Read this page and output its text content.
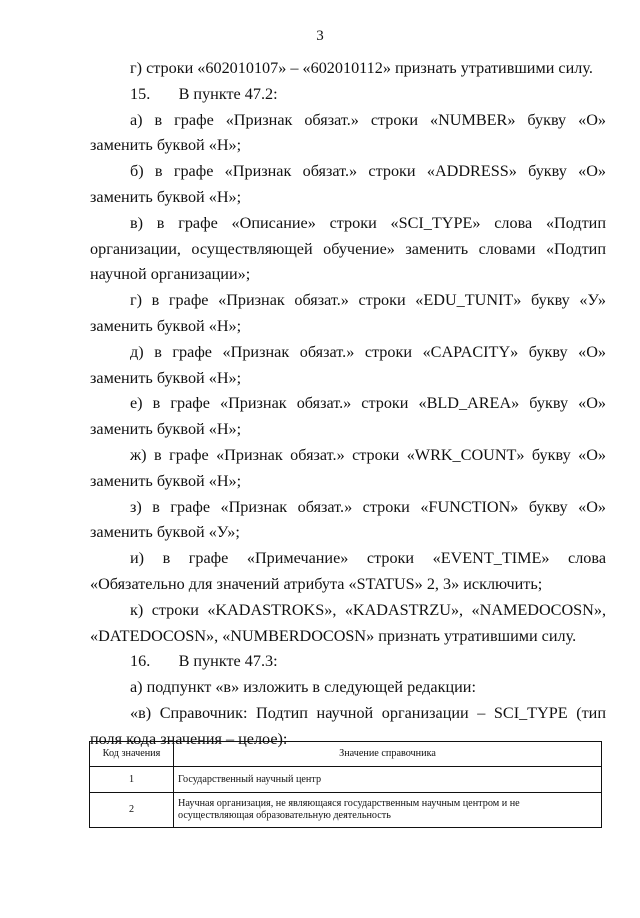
3

г) строки «602010107» – «602010112» признать утратившими силу.

15.       В пункте 47.2:

а) в графе «Признак обязат.» строки «NUMBER» букву «О» заменить буквой «Н»;

б) в графе «Признак обязат.» строки «ADDRESS» букву «О» заменить буквой «Н»;

в) в графе «Описание» строки «SCI_TYPE» слова «Подтип организации, осуществляющей обучение» заменить словами «Подтип научной организации»;

г) в графе «Признак обязат.» строки «EDU_TUNIT» букву «У» заменить буквой «Н»;

д) в графе «Признак обязат.» строки «CAPACITY» букву «О» заменить буквой «Н»;

е) в графе «Признак обязат.» строки «BLD_AREA» букву «О» заменить буквой «Н»;

ж) в графе «Признак обязат.» строки «WRK_COUNT» букву «О» заменить буквой «Н»;

з) в графе «Признак обязат.» строки «FUNCTION» букву «О» заменить буквой «У»;

и) в графе «Примечание» строки «EVENT_TIME» слова «Обязательно для значений атрибута «STATUS» 2, 3» исключить;

к) строки «KADASTROKS», «KADASTRZU», «NAMEDOCOSN», «DATEDOCOSN», «NUMBERDOCOSN» признать утратившими силу.

16.       В пункте 47.3:

а) подпункт «в» изложить в следующей редакции:

«в) Справочник: Подтип научной организации – SCI_TYPE (тип поля кода значения – целое):

Код значения	Значение справочника
1	Государственный научный центр
2	Научная организация, не являющаяся государственным научным центром и не осуществляющая образовательную деятельность
